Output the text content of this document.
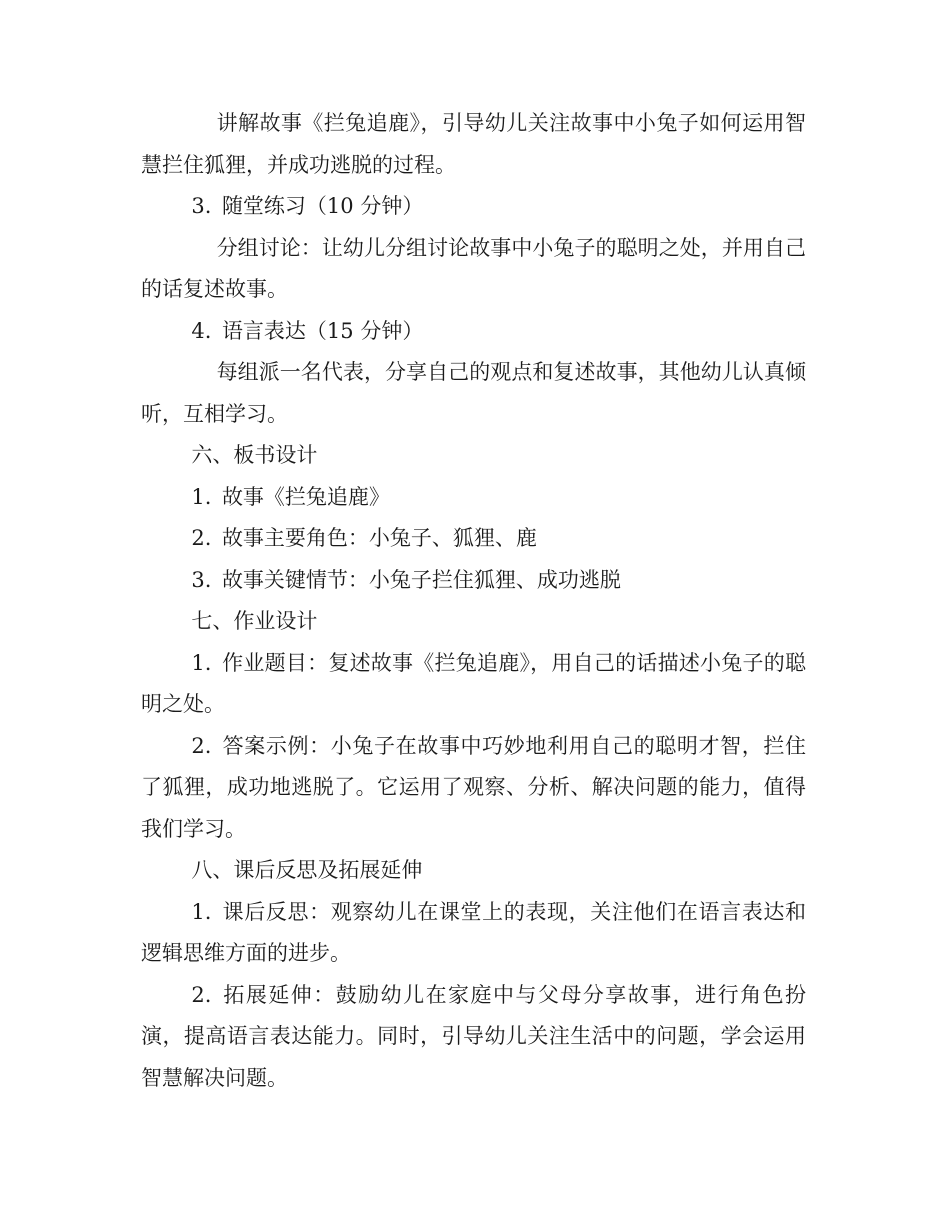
讲解故事《拦兔追鹿》，引导幼儿关注故事中小兔子如何运用智慧拦住狐狸，并成功逃脱的过程。

3. 随堂练习（10 分钟）

分组讨论：让幼儿分组讨论故事中小兔子的聪明之处，并用自己的话复述故事。

4. 语言表达（15 分钟）

每组派一名代表，分享自己的观点和复述故事，其他幼儿认真倾听，互相学习。

六、板书设计

1. 故事《拦兔追鹿》

2. 故事主要角色：小兔子、狐狸、鹿

3. 故事关键情节：小兔子拦住狐狸、成功逃脱

七、作业设计

1. 作业题目：复述故事《拦兔追鹿》，用自己的话描述小兔子的聪明之处。

2. 答案示例：小兔子在故事中巧妙地利用自己的聪明才智，拦住了狐狸，成功地逃脱了。它运用了观察、分析、解决问题的能力，值得我们学习。

八、课后反思及拓展延伸

1. 课后反思：观察幼儿在课堂上的表现，关注他们在语言表达和逻辑思维方面的进步。

2. 拓展延伸：鼓励幼儿在家庭中与父母分享故事，进行角色扮演，提高语言表达能力。同时，引导幼儿关注生活中的问题，学会运用智慧解决问题。
